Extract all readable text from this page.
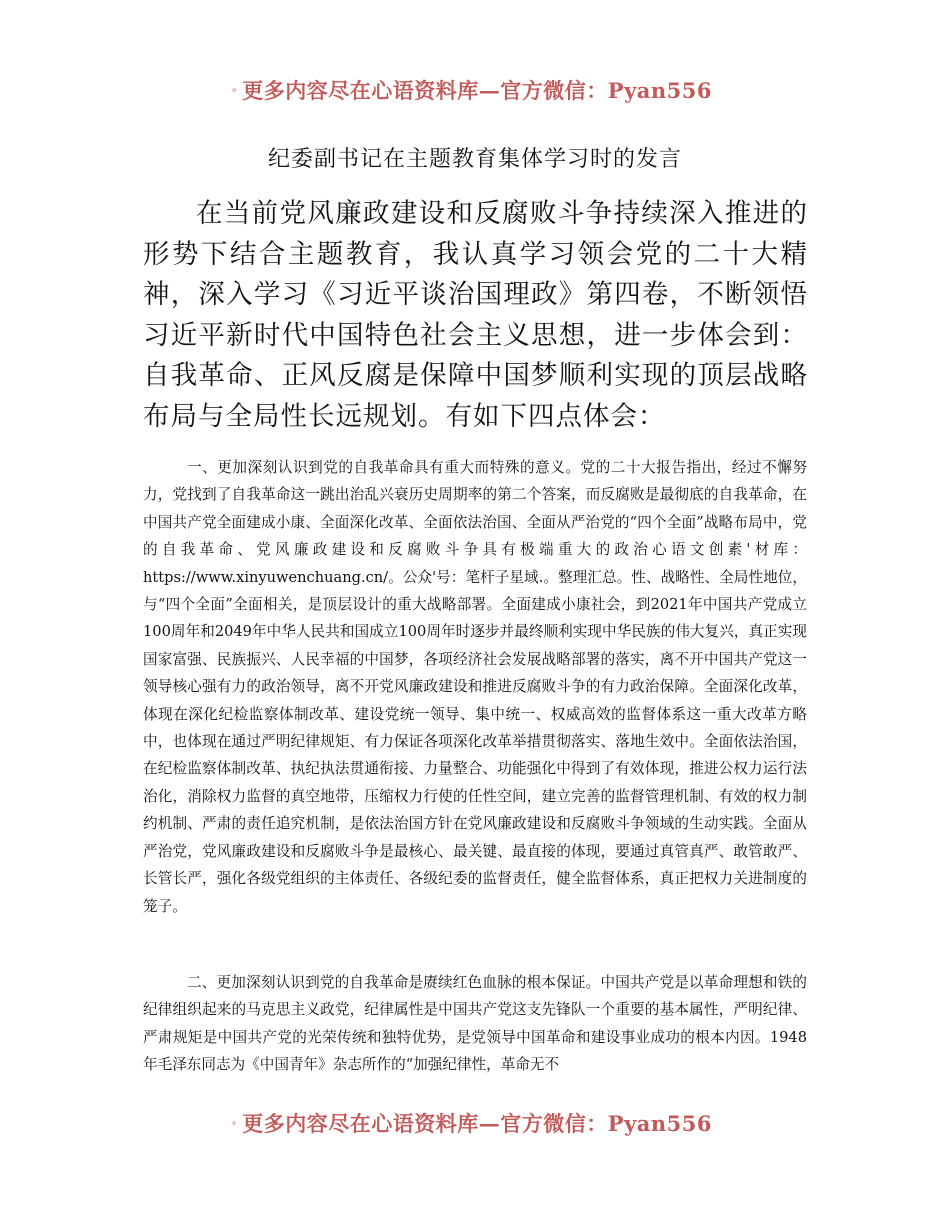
更多内容尽在心语资料库—官方微信：Pyan556
纪委副书记在主题教育集体学习时的发言

在当前党风廉政建设和反腐败斗争持续深入推进的形势下结合主题教育，我认真学习领会党的二十大精神，深入学习《习近平谈治国理政》第四卷，不断领悟习近平新时代中国特色社会主义思想，进一步体会到：自我革命、正风反腐是保障中国梦顺利实现的顶层战略布局与全局性长远规划。有如下四点体会：

一、更加深刻认识到党的自我革命具有重大而特殊的意义。党的二十大报告指出，经过不懈努力，党找到了自我革命这一跳出治乱兴衰历史周期率的第二个答案，而反腐败是最彻底的自我革命，在中国共产党全面建成小康、全面深化改革、全面依法治国、全面从严治党的“四个全面”战略布局中，党的自我革命、党风廉政建设和反腐败斗争具有极端重大的政治心语文创素'材库：https://www.xinyuwenchuang.cn/。公众'号：笔杆子星域.。整理汇总。性、战略性、全局性地位，与“四个全面”全面相关，是顶层设计的重大战略部署。全面建成小康社会，到2021年中国共产党成立100周年和2049年中华人民共和国成立100周年时逐步并最终顺利实现中华民族的伟大复兴，真正实现国家富强、民族振兴、人民幸福的中国梦，各项经济社会发展战略部署的落实，离不开中国共产党这一领导核心强有力的政治领导，离不开党风廉政建设和推进反腐败斗争的有力政治保障。全面深化改革，体现在深化纪检监察体制改革、建设党统一领导、集中统一、权威高效的监督体系这一重大改革方略中，也体现在通过严明纪律规矩、有力保证各项深化改革举措贯彻落实、落地生效中。全面依法治国，在纪检监察体制改革、执纪执法贯通衔接、力量整合、功能强化中得到了有效体现，推进公权力运行法治化，消除权力监督的真空地带，压缩权力行使的任性空间，建立完善的监督管理机制、有效的权力制约机制、严肃的责任追究机制，是依法治国方针在党风廉政建设和反腐败斗争领域的生动实践。全面从严治党，党风廉政建设和反腐败斗争是最核心、最关键、最直接的体现，要通过真管真严、敢管敢严、长管长严，强化各级党组织的主体责任、各级纪委的监督责任，健全监督体系，真正把权力关进制度的笼子。

二、更加深刻认识到党的自我革命是赓续红色血脉的根本保证。中国共产党是以革命理想和铁的纪律组织起来的马克思主义政党，纪律属性是中国共产党这支先锋队一个重要的基本属性，严明纪律、严肃规矩是中国共产党的光荣传统和独特优势，是党领导中国革命和建设事业成功的根本内因。1948年毛泽东同志为《中国青年》杂志所作的“加强纪律性，革命无不

更多内容尽在心语资料库—官方微信：Pyan556
